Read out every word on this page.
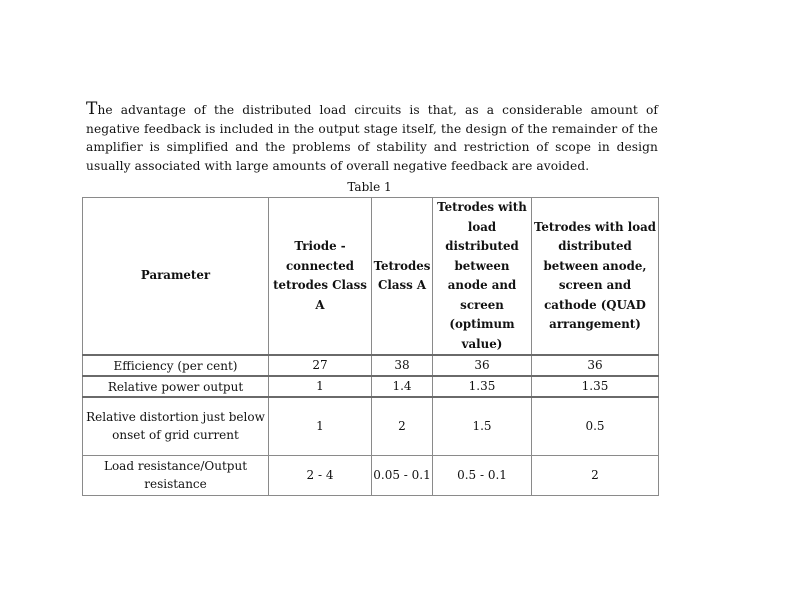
The advantage of the distributed load circuits is that, as a considerable amount of negative feedback is included in the output stage itself, the design of the remainder of the amplifier is simplified and the problems of stability and restriction of scope in design usually associated with large amounts of overall negative feedback are avoided.

Table 1
Parameter	Triode - connected tetrodes Class A	Tetrodes Class A	Tetrodes with load distributed between anode and screen (optimum value)	Tetrodes with load distributed between anode, screen and cathode (QUAD arrangement)
Efficiency (per cent)	27	38	36	36
Relative power output	1	1.4	1.35	1.35
Relative distortion just below onset of grid current	1	2	1.5	0.5
Load resistance/Output resistance	2 - 4	0.05 - 0.1	0.5 - 0.1	2
